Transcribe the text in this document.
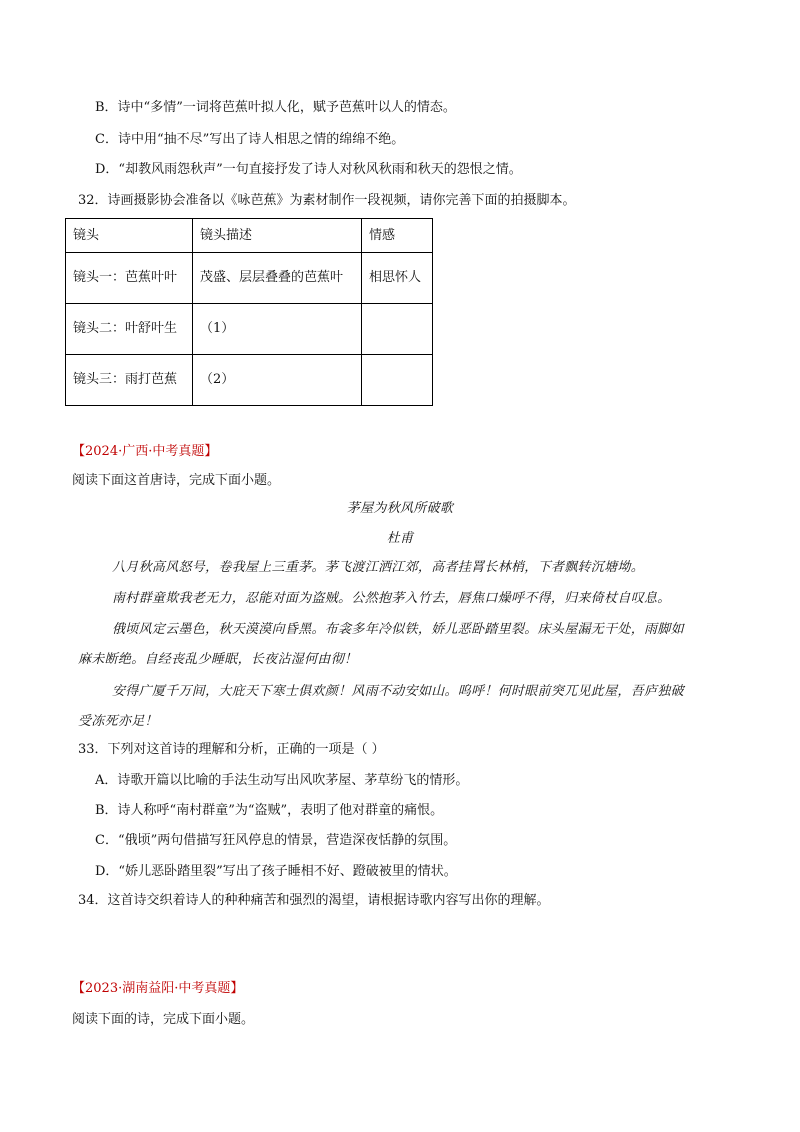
B．诗中“多情”一词将芭蕉叶拟人化，赋予芭蕉叶以人的情态。
C．诗中用“抽不尽”写出了诗人相思之情的绵绵不绝。
D．“却教风雨怨秋声”一句直接抒发了诗人对秋风秋雨和秋天的怨恨之情。
32．诗画摄影协会准备以《咏芭蕉》为素材制作一段视频，请你完善下面的拍摄脚本。
镜头	镜头描述	情感
镜头一：芭蕉叶叶	茂盛、层层叠叠的芭蕉叶	相思怀人
镜头二：叶舒叶生	（1）	
镜头三：雨打芭蕉	（2）	
【2024·广西·中考真题】
阅读下面这首唐诗，完成下面小题。
茅屋为秋风所破歌
杜甫
八月秋高风怒号，卷我屋上三重茅。茅飞渡江洒江郊，高者挂罥长林梢，下者飘转沉塘坳。
南村群童欺我老无力，忍能对面为盗贼。公然抱茅入竹去，唇焦口燥呼不得，归来倚杖自叹息。
俄顷风定云墨色，秋天漠漠向昏黑。布衾多年冷似铁，娇儿恶卧踏里裂。床头屋漏无干处，雨脚如
麻未断绝。自经丧乱少睡眠，长夜沾湿何由彻！
安得广厦千万间，大庇天下寒士俱欢颜！风雨不动安如山。呜呼！何时眼前突兀见此屋，吾庐独破
受冻死亦足！
33．下列对这首诗的理解和分析，正确的一项是（ ）
A．诗歌开篇以比喻的手法生动写出风吹茅屋、茅草纷飞的情形。
B．诗人称呼“南村群童”为“盗贼”，表明了他对群童的痛恨。
C．“俄顷”两句借描写狂风停息的情景，营造深夜恬静的氛围。
D．“娇儿恶卧踏里裂”写出了孩子睡相不好、蹬破被里的情状。
34．这首诗交织着诗人的种种痛苦和强烈的渴望，请根据诗歌内容写出你的理解。
【2023·湖南益阳·中考真题】
阅读下面的诗，完成下面小题。
